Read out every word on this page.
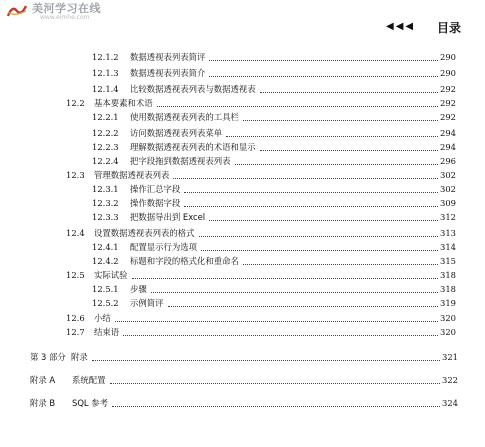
美河学习在线
www.eimhe.com
◀◀◀ 目录
12.1.2	数据透视表列表简评	290
12.1.3	数据透视表列表简介	290
12.1.4	比较数据透视表列表与数据透视表	292
12.2	基本要素和术语	292
12.2.1	使用数据透视表列表的工具栏	292
12.2.2	访问数据透视表列表菜单	294
12.2.3	理解数据透视表列表的术语和显示	294
12.2.4	把字段拖到数据透视表列表	296
12.3	管理数据透视表列表	302
12.3.1	操作汇总字段	302
12.3.2	操作数据字段	309
12.3.3	把数据导出到 Excel	312
12.4	设置数据透视表列表的格式	313
12.4.1	配置显示行为选项	314
12.4.2	标题和字段的格式化和重命名	315
12.5	实际试验	318
12.5.1	步骤	318
12.5.2	示例简评	319
12.6	小结	320
12.7	结束语	320
第 3 部分 附录	321
附录 A	系统配置	322
附录 B	SQL 参考	324
